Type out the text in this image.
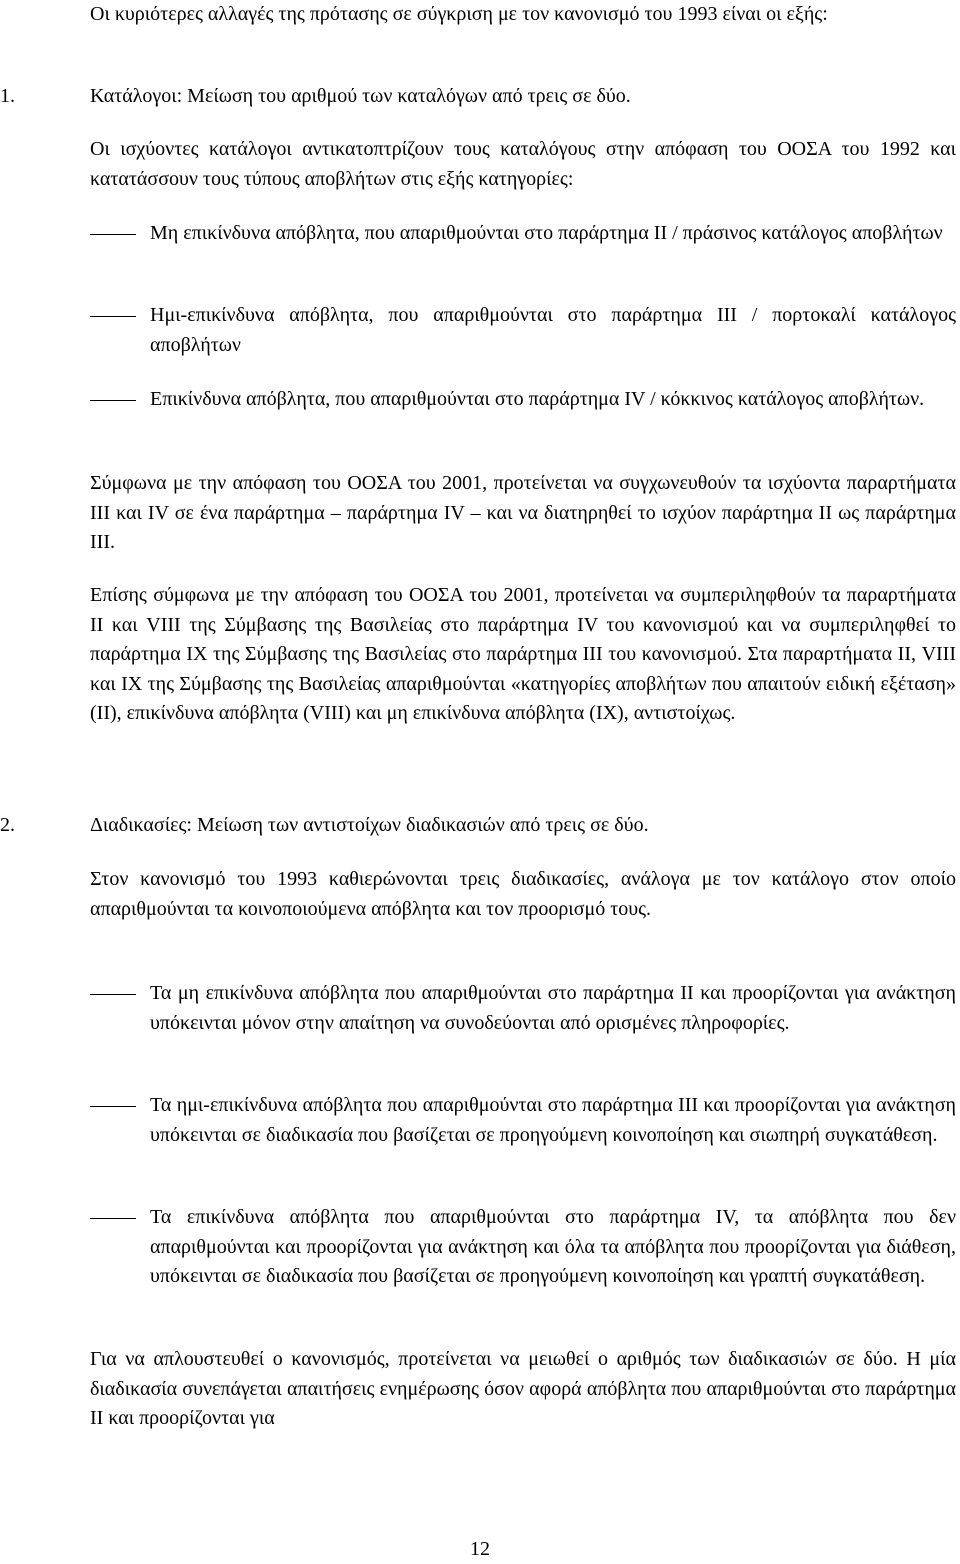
Οι κυριότερες αλλαγές της πρότασης σε σύγκριση με τον κανονισμό του 1993 είναι οι εξής:

1.	Κατάλογοι: Μείωση του αριθμού των καταλόγων από τρεις σε δύο.

Οι ισχύοντες κατάλογοι αντικατοπτρίζουν τους καταλόγους στην απόφαση του ΟΟΣΑ του 1992 και κατατάσσουν τους τύπους αποβλήτων στις εξής κατηγορίες:

Μη επικίνδυνα απόβλητα, που απαριθμούνται στο παράρτημα ΙΙ / πράσινος κατάλογος αποβλήτων
Ημι-επικίνδυνα απόβλητα, που απαριθμούνται στο παράρτημα ΙΙΙ / πορτοκαλί κατάλογος αποβλήτων
Επικίνδυνα απόβλητα, που απαριθμούνται στο παράρτημα ΙV / κόκκινος κατάλογος αποβλήτων.

Σύμφωνα με την απόφαση του ΟΟΣΑ του 2001, προτείνεται να συγχωνευθούν τα ισχύοντα παραρτήματα ΙΙΙ και ΙV σε ένα παράρτημα – παράρτημα ΙV – και να διατηρηθεί το ισχύον παράρτημα ΙΙ ως παράρτημα ΙΙΙ.

Επίσης σύμφωνα με την απόφαση του ΟΟΣΑ του 2001, προτείνεται να συμπεριληφθούν τα παραρτήματα ΙΙ και VIII της Σύμβασης της Βασιλείας στο παράρτημα IV του κανονισμού και να συμπεριληφθεί το παράρτημα IX της Σύμβασης της Βασιλείας στο παράρτημα ΙΙΙ του κανονισμού. Στα παραρτήματα ΙΙ, VIII και IX της Σύμβασης της Βασιλείας απαριθμούνται «κατηγορίες αποβλήτων που απαιτούν ειδική εξέταση» (ΙΙ), επικίνδυνα απόβλητα (VIII) και μη επικίνδυνα απόβλητα (ΙΧ), αντιστοίχως.

2.	Διαδικασίες: Μείωση των αντιστοίχων διαδικασιών από τρεις σε δύο.

Στον κανονισμό του 1993 καθιερώνονται τρεις διαδικασίες, ανάλογα με τον κατάλογο στον οποίο απαριθμούνται τα κοινοποιούμενα απόβλητα και τον προορισμό τους.

Τα μη επικίνδυνα απόβλητα που απαριθμούνται στο παράρτημα ΙΙ και προορίζονται για ανάκτηση υπόκεινται μόνον στην απαίτηση να συνοδεύονται από ορισμένες πληροφορίες.
Τα ημι-επικίνδυνα απόβλητα που απαριθμούνται στο παράρτημα ΙΙΙ και προορίζονται για ανάκτηση υπόκεινται σε διαδικασία που βασίζεται σε προηγούμενη κοινοποίηση και σιωπηρή συγκατάθεση.
Τα επικίνδυνα απόβλητα που απαριθμούνται στο παράρτημα ΙV, τα απόβλητα που δεν απαριθμούνται και προορίζονται για ανάκτηση και όλα τα απόβλητα που προορίζονται για διάθεση, υπόκεινται σε διαδικασία που βασίζεται σε προηγούμενη κοινοποίηση και γραπτή συγκατάθεση.

Για να απλουστευθεί ο κανονισμός, προτείνεται να μειωθεί ο αριθμός των διαδικασιών σε δύο. Η μία διαδικασία συνεπάγεται απαιτήσεις ενημέρωσης όσον αφορά απόβλητα που απαριθμούνται στο παράρτημα ΙΙ και προορίζονται για

12
